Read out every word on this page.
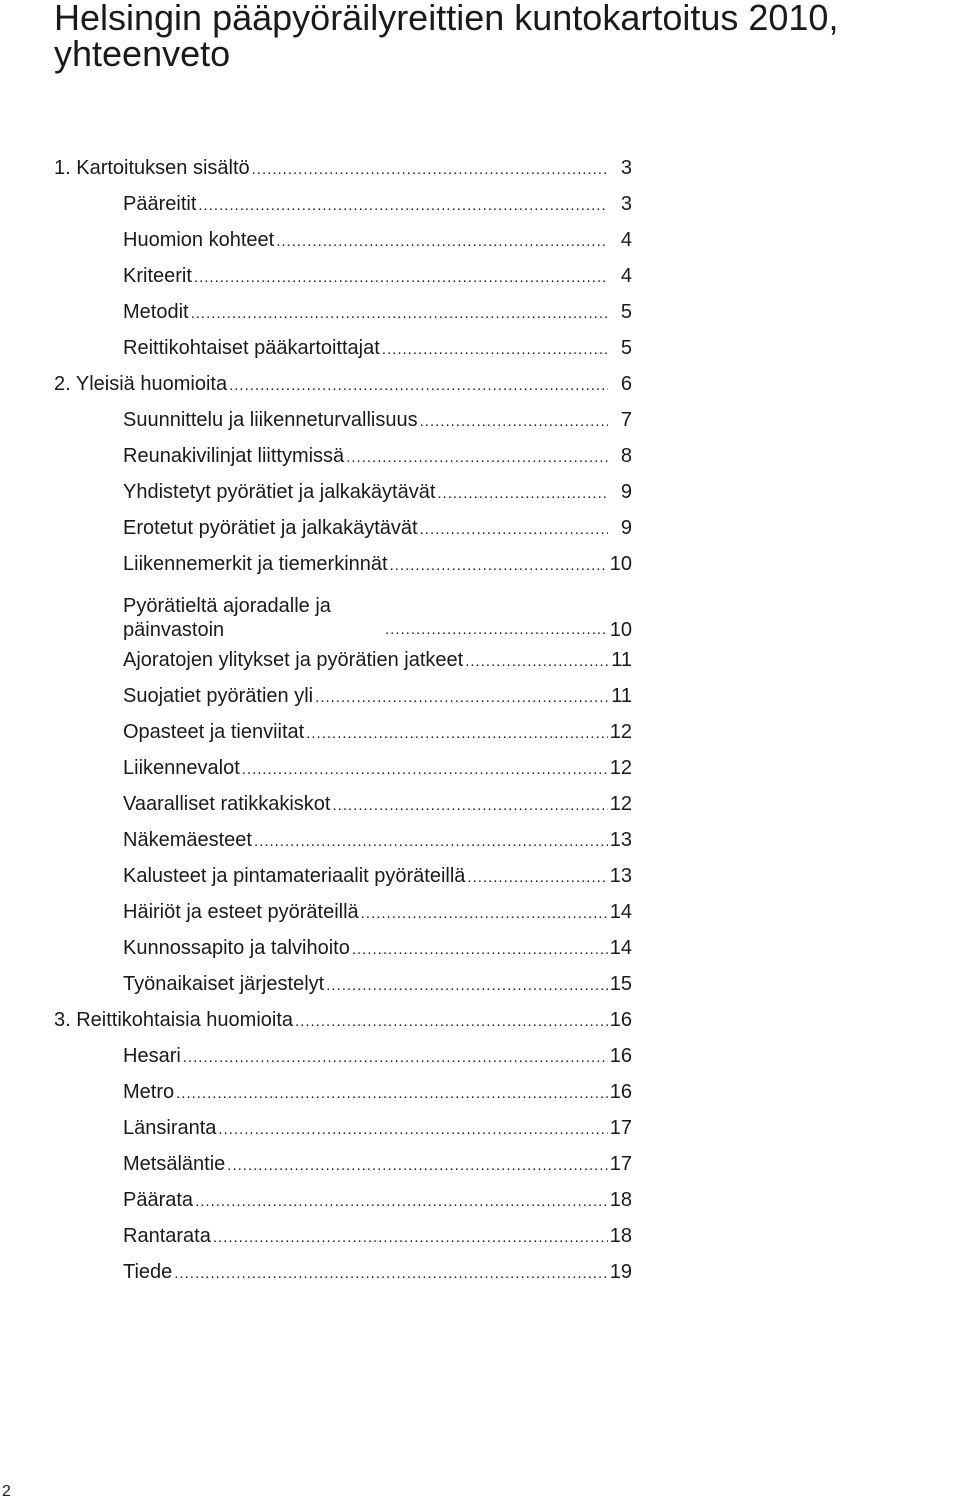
Helsingin pääpyöräilyreittien kuntokartoitus 2010,
yhteenveto
1. Kartoituksen sisältö .....	3
Pääreitit .....	3
Huomion kohteet .....	4
Kriteerit .....	4
Metodit .....	5
Reittikohtaiset pääkartoittajat .....	5
2. Yleisiä huomioita .....	6
Suunnittelu ja liikenneturvallisuus .....	7
Reunakivilinjat liittymissä .....	8
Yhdistetyt pyörätiet ja jalkakäytävät .....	9
Erotetut pyörätiet ja jalkakäytävät .....	9
Liikennemerkit ja tiemerkinnät .....	10
Pyörätieltä ajoradalle ja päinvastoin .....	10
Ajoratojen ylitykset ja pyörätien jatkeet .....	11
Suojatiet pyörätien yli .....	11
Opasteet ja tienviitat .....	12
Liikennevalot .....	12
Vaaralliset ratikkakiskot .....	12
Näkemäesteet .....	13
Kalusteet ja pintamateriaalit pyöräteillä .....	13
Häiriöt ja esteet pyöräteillä .....	14
Kunnossapito ja talvihoito .....	14
Työnaikaiset järjestelyt .....	15
3. Reittikohtaisia huomioita .....	16
Hesari .....	16
Metro .....	16
Länsiranta .....	17
Metsäläntie .....	17
Päärata .....	18
Rantarata .....	18
Tiede .....	19
2
